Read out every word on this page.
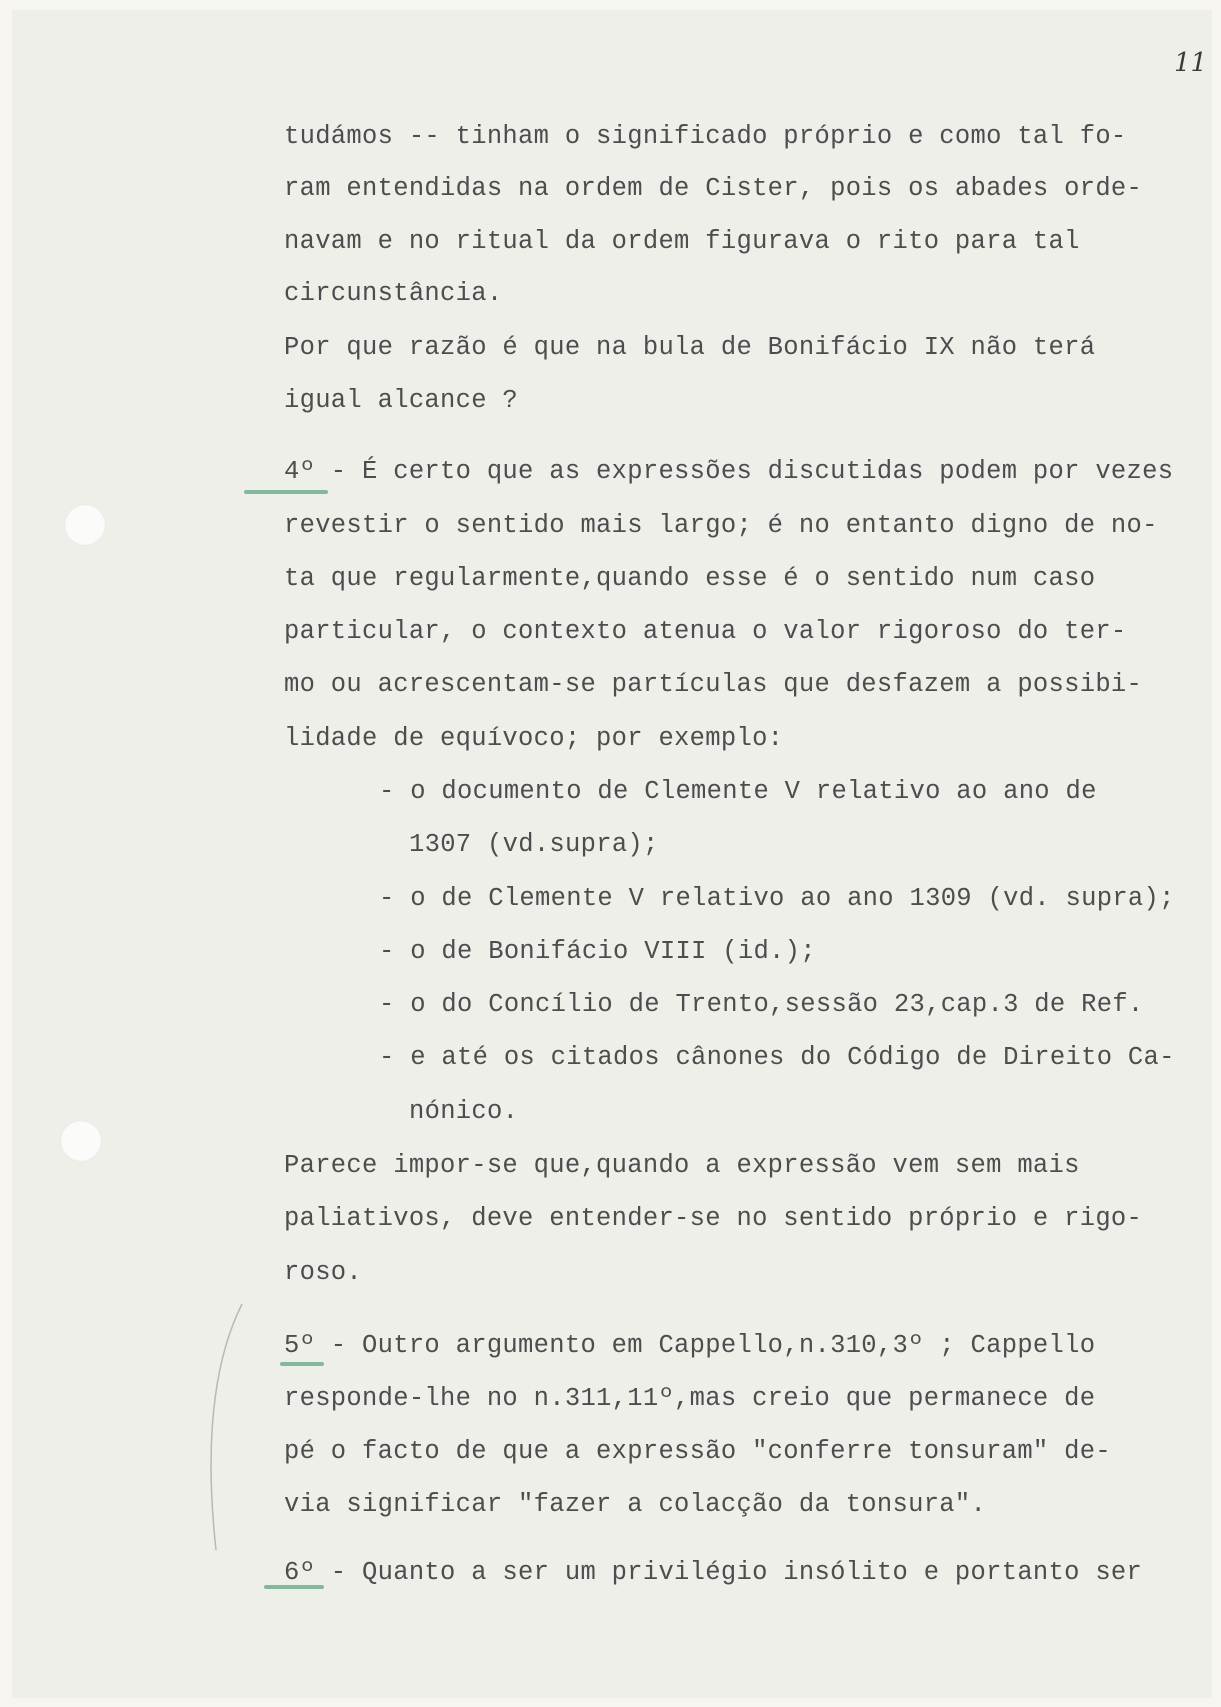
11
tudámos -- tinham o significado próprio e como tal fo-
ram entendidas na ordem de Cister, pois os abades orde-
navam e no ritual da ordem figurava o rito para tal
circunstância.
Por que razão é que na bula de Bonifácio IX não terá
igual alcance ?
4º - É certo que as expressões discutidas podem por vezes
revestir o sentido mais largo; é no entanto digno de no-
ta que regularmente,quando esse é o sentido num caso
particular, o contexto atenua o valor rigoroso do ter-
mo ou acrescentam-se partículas que desfazem a possibi-
lidade de equívoco; por exemplo:
- o documento de Clemente V relativo ao ano de
1307 (vd.supra);
- o de Clemente V relativo ao ano 1309 (vd. supra);
- o de Bonifácio VIII (id.);
- o do Concílio de Trento,sessão 23,cap.3 de Ref.
- e até os citados cânones do Código de Direito Ca-
nónico.
Parece impor-se que,quando a expressão vem sem mais
paliativos, deve entender-se no sentido próprio e rigo-
roso.
5º - Outro argumento em Cappello,n.310,3º ; Cappello
responde-lhe no n.311,11º,mas creio que permanece de
pé o facto de que a expressão "conferre tonsuram" de-
via significar "fazer a colacção da tonsura".
6º - Quanto a ser um privilégio insólito e portanto ser
